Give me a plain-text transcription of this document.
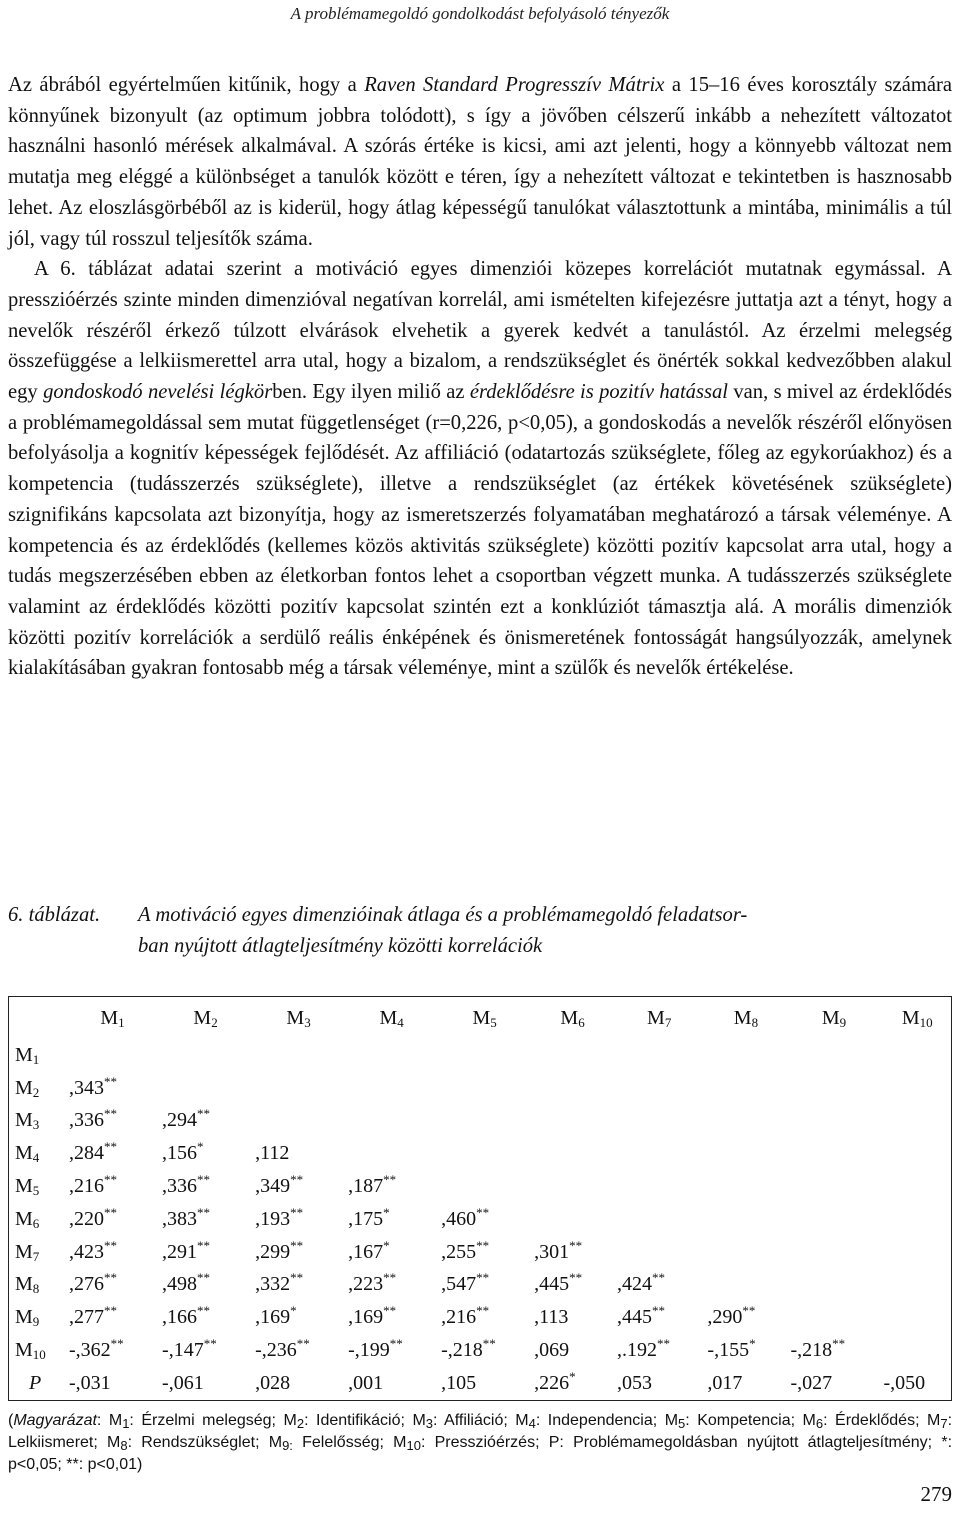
A problémamegoldó gondolkodást befolyásoló tényezők

Az ábrából egyértelműen kitűnik, hogy a Raven Standard Progresszív Mátrix a 15–16 éves korosztály számára könnyűnek bizonyult (az optimum jobbra tolódott), s így a jövőben célszerű inkább a nehezített változatot használni hasonló mérések alkalmával. A szórás értéke is kicsi, ami azt jelenti, hogy a könnyebb változat nem mutatja meg eléggé a különbséget a tanulók között e téren, így a nehezített változat e tekintetben is hasznosabb lehet. Az eloszlásgörbéből az is kiderül, hogy átlag képességű tanulókat választottunk a mintába, minimális a túl jól, vagy túl rosszul teljesítők száma.

A 6. táblázat adatai szerint a motiváció egyes dimenziói közepes korrelációt mutatnak egymással. A presszióérzés szinte minden dimenzióval negatívan korrelál, ami ismételten kifejezésre juttatja azt a tényt, hogy a nevelők részéről érkező túlzott elvárások elvehetik a gyerek kedvét a tanulástól. Az érzelmi melegség összefüggése a lelkiismerettel arra utal, hogy a bizalom, a rendszükséglet és önérték sokkal kedvezőbben alakul egy gondoskodó nevelési légkörben. Egy ilyen miliő az érdeklődésre is pozitív hatással van, s mivel az érdeklődés a problémamegoldással sem mutat függetlenséget (r=0,226, p<0,05), a gondoskodás a nevelők részéről előnyösen befolyásolja a kognitív képességek fejlődését. Az affiliáció (odatartozás szükséglete, főleg az egykorúakhoz) és a kompetencia (tudásszerzés szükséglete), illetve a rendszükséglet (az értékek követésének szükséglete) szignifikáns kapcsolata azt bizonyítja, hogy az ismeretszerzés folyamatában meghatározó a társak véleménye. A kompetencia és az érdeklődés (kellemes közös aktivitás szükséglete) közötti pozitív kapcsolat arra utal, hogy a tudás megszerzésében ebben az életkorban fontos lehet a csoportban végzett munka. A tudásszerzés szükséglete valamint az érdeklődés közötti pozitív kapcsolat szintén ezt a konklúziót támasztja alá. A morális dimenziók közötti pozitív korrelációk a serdülő reális énképének és önismeretének fontosságát hangsúlyozzák, amelynek kialakításában gyakran fontosabb még a társak véleménye, mint a szülők és nevelők értékelése.

6. táblázat. A motiváció egyes dimenzióinak átlaga és a problémamegoldó feladatsor-
ban nyújtott átlagteljesítmény közötti korrelációk
	$M_1$	$M_2$	$M_3$	$M_4$	$M_5$	$M_6$	$M_7$	$M_8$	$M_9$	$M_{10}$
$M_1$										
$M_2$	,343**									
$M_3$	,336**	,294**								
$M_4$	,284**	,156*	,112							
$M_5$	,216**	,336**	,349**	,187**						
$M_6$	,220**	,383**	,193**	,175*	,460**					
$M_7$	,423**	,291**	,299**	,167*	,255**	,301**				
$M_8$	,276**	,498**	,332**	,223**	,547**	,445**	,424**			
$M_9$	,277**	,166**	,169*	,169**	,216**	,113	,445**	,290**		
$M_{10}$	-,362**	-,147**	-,236**	-,199**	-,218**	,069	,.192**	-,155*	-,218**	
P	-,031	-,061	,028	,001	,105	,226*	,053	,017	-,027	-,050
(Magyarázat: $M_1$: Érzelmi melegség; $M_2$: Identifikáció; $M_3$: Affiliáció; $M_4$: Independencia; $M_5$: Kompetencia; $M_6$: Érdeklődés; $M_7$: Lelkiismeret; $M_8$: Rendszükséglet; $M_{9:}$ Felelősség; $M_{10}$: Presszióérzés; P: Problémamegoldásban nyújtott átlagteljesítmény; *: p<0,05; **: p<0,01)
279
